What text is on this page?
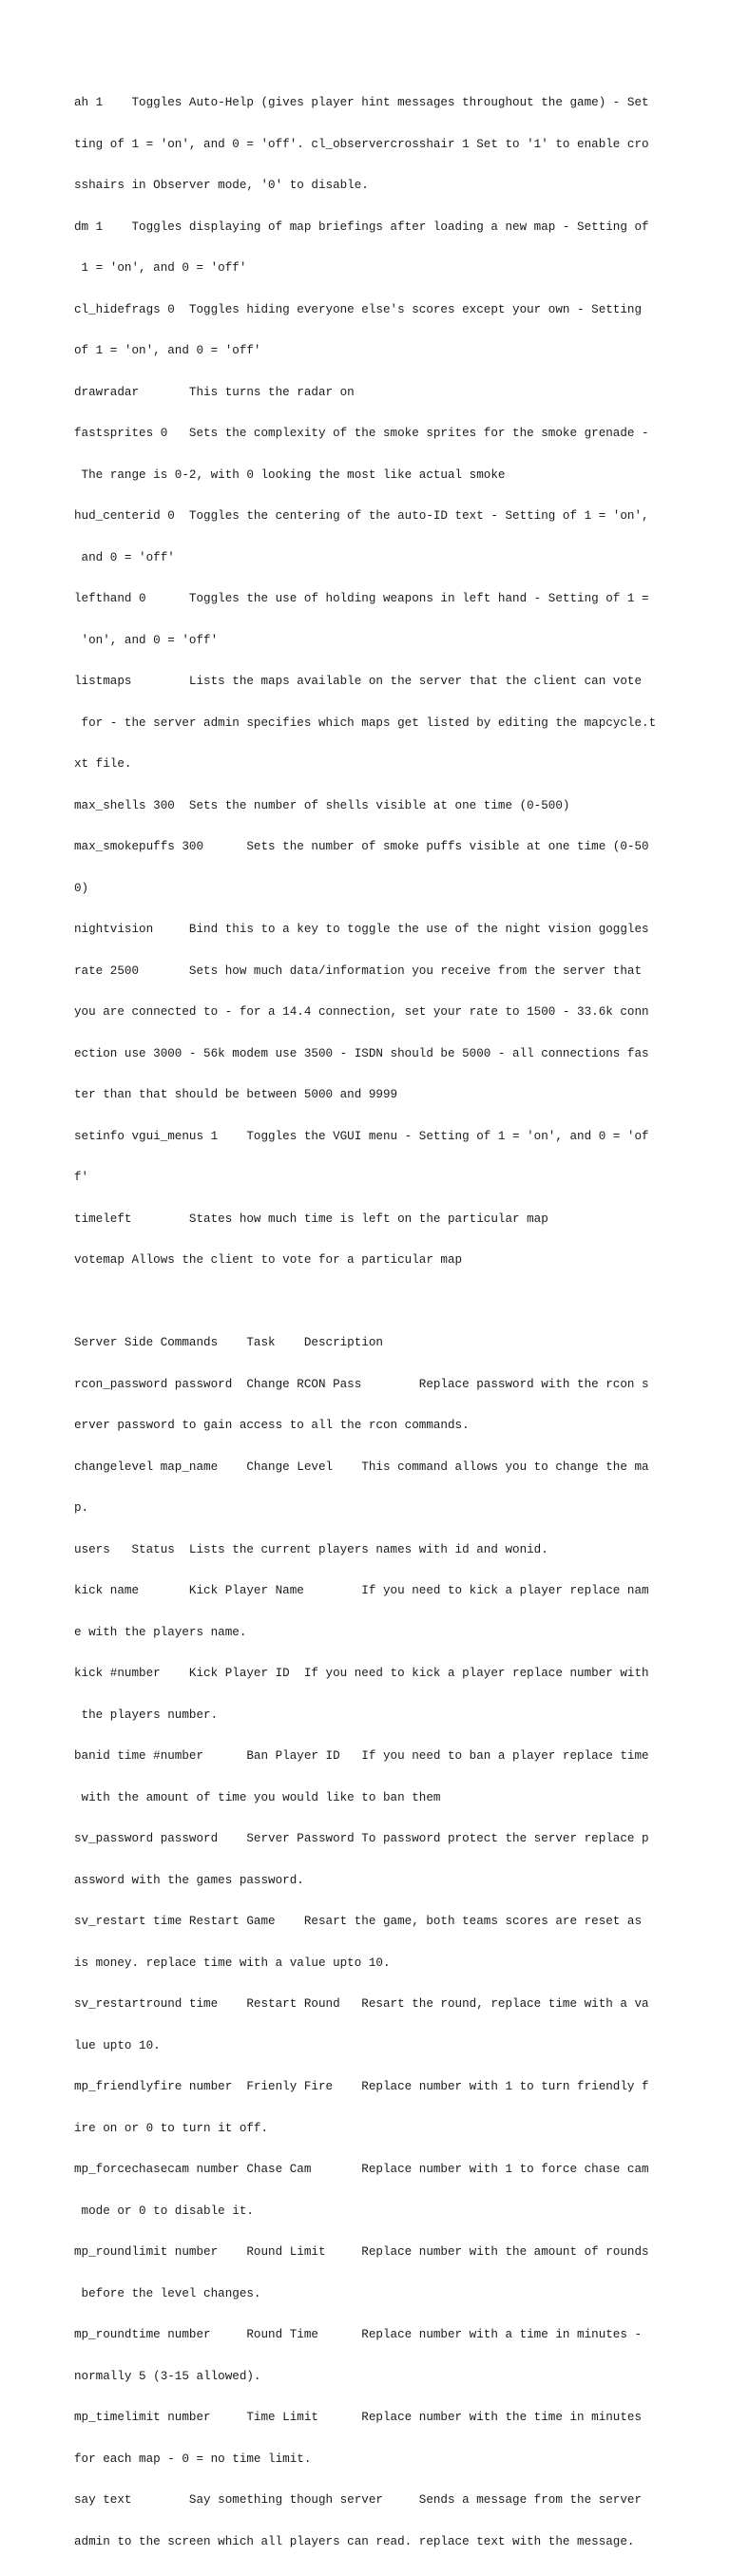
ah 1    Toggles Auto-Help (gives player hint messages throughout the game) - Set

ting of 1 = 'on', and 0 = 'off'. cl_observercrosshair 1 Set to '1' to enable cro

sshairs in Observer mode, '0' to disable.

dm 1    Toggles displaying of map briefings after loading a new map - Setting of

1 = 'on', and 0 = 'off'

cl_hidefrags 0  Toggles hiding everyone else's scores except your own - Setting

of 1 = 'on', and 0 = 'off'

drawradar       This turns the radar on

fastsprites 0   Sets the complexity of the smoke sprites for the smoke grenade -

The range is 0-2, with 0 looking the most like actual smoke

hud_centerid 0  Toggles the centering of the auto-ID text - Setting of 1 = 'on',

and 0 = 'off'

lefthand 0      Toggles the use of holding weapons in left hand - Setting of 1 =

'on', and 0 = 'off'

listmaps        Lists the maps available on the server that the client can vote

for - the server admin specifies which maps get listed by editing the mapcycle.t

xt file.

max_shells 300  Sets the number of shells visible at one time (0-500)

max_smokepuffs 300      Sets the number of smoke puffs visible at one time (0-50

0)

nightvision     Bind this to a key to toggle the use of the night vision goggles

rate 2500       Sets how much data/information you receive from the server that

you are connected to - for a 14.4 connection, set your rate to 1500 - 33.6k conn

ection use 3000 - 56k modem use 3500 - ISDN should be 5000 - all connections fas

ter than that should be between 5000 and 9999

setinfo vgui_menus 1    Toggles the VGUI menu - Setting of 1 = 'on', and 0 = 'of

f'

timeleft        States how much time is left on the particular map

votemap Allows the client to vote for a particular map

Server Side Commands    Task    Description

rcon_password password  Change RCON Pass        Replace password with the rcon s

erver password to gain access to all the rcon commands.

changelevel map_name    Change Level    This command allows you to change the ma

p.

users   Status  Lists the current players names with id and wonid.

kick name       Kick Player Name        If you need to kick a player replace nam

e with the players name.

kick #number    Kick Player ID  If you need to kick a player replace number with

the players number.

banid time #number      Ban Player ID   If you need to ban a player replace time

with the amount of time you would like to ban them

sv_password password    Server Password To password protect the server replace p

assword with the games password.

sv_restart time Restart Game    Resart the game, both teams scores are reset as

is money. replace time with a value upto 10.

sv_restartround time    Restart Round   Resart the round, replace time with a va

lue upto 10.

mp_friendlyfire number  Frienly Fire    Replace number with 1 to turn friendly f

ire on or 0 to turn it off.

mp_forcechasecam number Chase Cam       Replace number with 1 to force chase cam

mode or 0 to disable it.

mp_roundlimit number    Round Limit     Replace number with the amount of rounds

before the level changes.

mp_roundtime number     Round Time      Replace number with a time in minutes -

normally 5 (3-15 allowed).

mp_timelimit number     Time Limit      Replace number with the time in minutes

for each map - 0 = no time limit.

say text        Say something though server     Sends a message from the server

admin to the screen which all players can read. replace text with the message.
